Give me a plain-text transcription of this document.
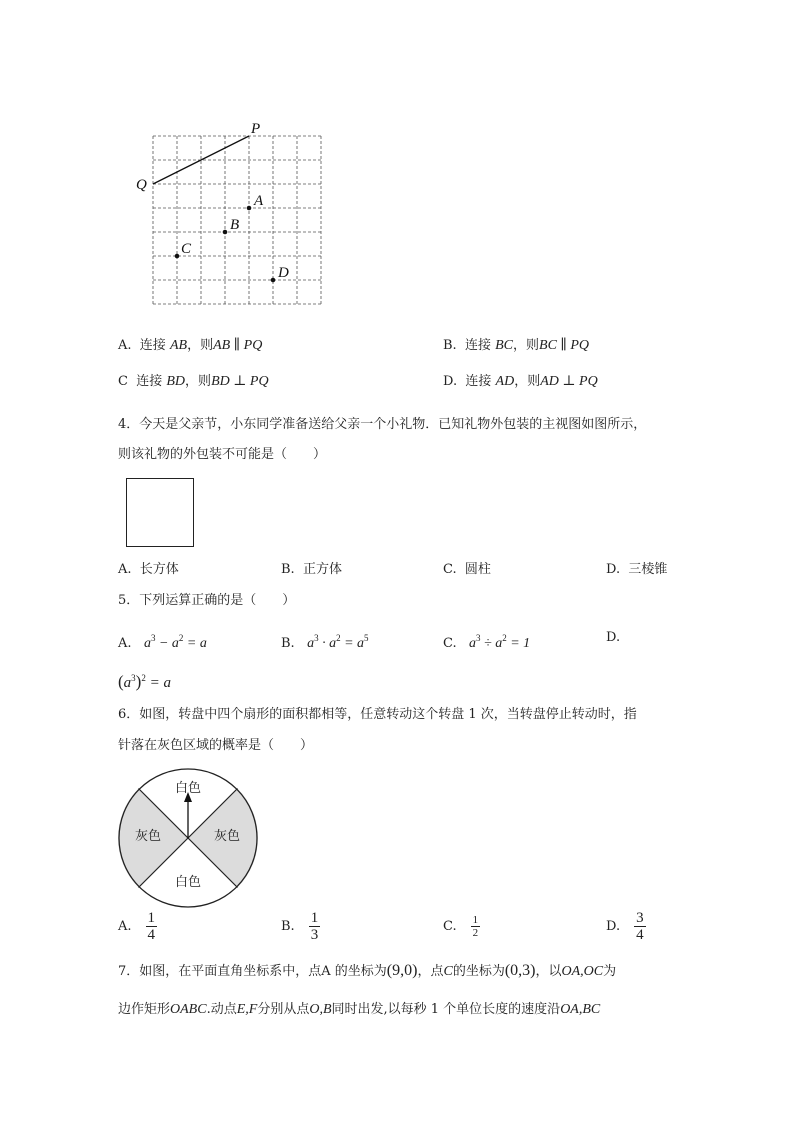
P
Q
A
B
C
D
A. 连接 AB，则AB ∥ PQ	B. 连接 BC，则BC ∥ PQ
C 连接 BD，则BD ⊥ PQ	D. 连接 AD，则AD ⊥ PQ
4．今天是父亲节，小东同学准备送给父亲一个小礼物．已知礼物外包装的主视图如图所示，
则该礼物的外包装不可能是（　　）
A. 长方体	B. 正方体	C. 圆柱	D. 三棱锥
5．下列运算正确的是（　　）
A. $a^3 - a^2 = a$	B. $a^3 \cdot a^2 = a^5$	C. $a^3 \div a^2 = 1$	D.
$(a^3)^2 = a$
6．如图，转盘中四个扇形的面积都相等，任意转动这个转盘 1 次，当转盘停止转动时，指
针落在灰色区域的概率是（　　）
白色
白色
灰色	灰色
A. $\frac{1}{4}$	B. $\frac{1}{3}$	C. $\frac{1}{2}$	D. $\frac{3}{4}$
7．如图，在平面直角坐标系中，点A 的坐标为(9,0)，点C的坐标为(0,3)，以OA,OC为
边作矩形OABC.动点E,F分别从点O,B同时出发,以每秒 1 个单位长度的速度沿OA,BC
